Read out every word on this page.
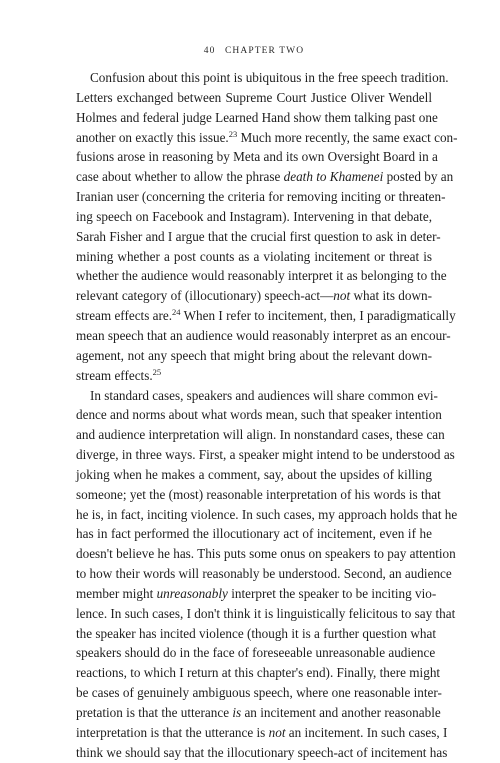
40 CHAPTER TWO
Confusion about this point is ubiquitous in the free speech tradition.
Letters exchanged between Supreme Court Justice Oliver Wendell
Holmes and federal judge Learned Hand show them talking past one
another on exactly this issue.$^{23}$ Much more recently, the same exact con-
fusions arose in reasoning by Meta and its own Oversight Board in a
case about whether to allow the phrase death to Khamenei posted by an
Iranian user (concerning the criteria for removing inciting or threaten-
ing speech on Facebook and Instagram). Intervening in that debate,
Sarah Fisher and I argue that the crucial first question to ask in deter-
mining whether a post counts as a violating incitement or threat is
whether the audience would reasonably interpret it as belonging to the
relevant category of (illocutionary) speech-act—not what its down-
stream effects are.$^{24}$ When I refer to incitement, then, I paradigmatically
mean speech that an audience would reasonably interpret as an encour-
agement, not any speech that might bring about the relevant down-
stream effects.$^{25}$
In standard cases, speakers and audiences will share common evi-
dence and norms about what words mean, such that speaker intention
and audience interpretation will align. In nonstandard cases, these can
diverge, in three ways. First, a speaker might intend to be understood as
joking when he makes a comment, say, about the upsides of killing
someone; yet the (most) reasonable interpretation of his words is that
he is, in fact, inciting violence. In such cases, my approach holds that he
has in fact performed the illocutionary act of incitement, even if he
doesn't believe he has. This puts some onus on speakers to pay attention
to how their words will reasonably be understood. Second, an audience
member might unreasonably interpret the speaker to be inciting vio-
lence. In such cases, I don't think it is linguistically felicitous to say that
the speaker has incited violence (though it is a further question what
speakers should do in the face of foreseeable unreasonable audience
reactions, to which I return at this chapter's end). Finally, there might
be cases of genuinely ambiguous speech, where one reasonable inter-
pretation is that the utterance is an incitement and another reasonable
interpretation is that the utterance is not an incitement. In such cases, I
think we should say that the illocutionary speech-act of incitement has
